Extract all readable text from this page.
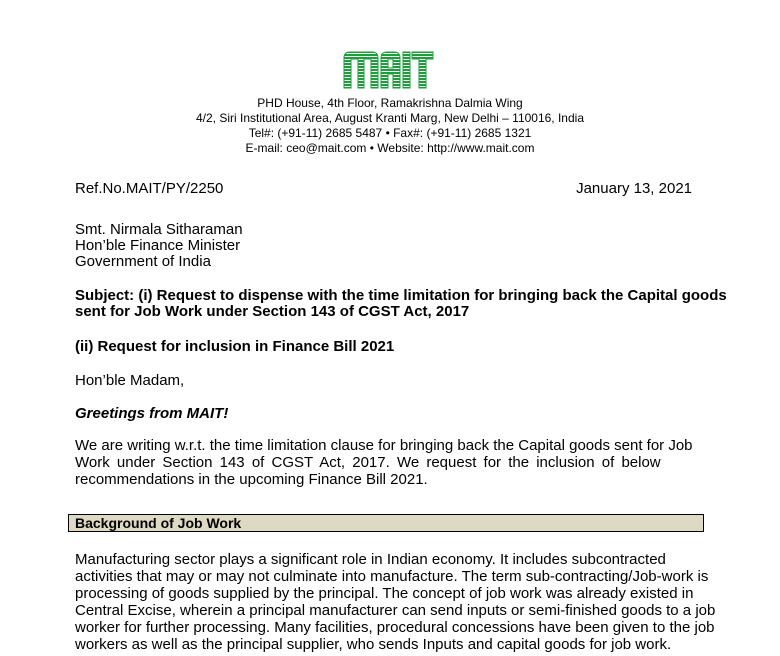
PHD House, 4th Floor, Ramakrishna Dalmia Wing
4/2, Siri Institutional Area, August Kranti Marg, New Delhi – 110016, India
Tel#: (+91-11) 2685 5487 • Fax#: (+91-11) 2685 1321
E-mail: ceo@mait.com • Website: http://www.mait.com
Ref.No.MAIT/PY/2250	January 13, 2021
Smt. Nirmala Sitharaman
Hon’ble Finance Minister
Government of India
Subject: (i) Request to dispense with the time limitation for bringing back the Capital goods
sent for Job Work under Section 143 of CGST Act, 2017
(ii) Request for inclusion in Finance Bill 2021
Hon’ble Madam,
Greetings from MAIT!
We are writing w.r.t. the time limitation clause for bringing back the Capital goods sent for Job
Work under Section 143 of CGST Act, 2017. We request for the inclusion of below
recommendations in the upcoming Finance Bill 2021.
Background of Job Work
Manufacturing sector plays a significant role in Indian economy. It includes subcontracted
activities that may or may not culminate into manufacture. The term sub-contracting/Job-work is
processing of goods supplied by the principal. The concept of job work was already existed in
Central Excise, wherein a principal manufacturer can send inputs or semi-finished goods to a job
worker for further processing. Many facilities, procedural concessions have been given to the job
workers as well as the principal supplier, who sends Inputs and capital goods for job work.
